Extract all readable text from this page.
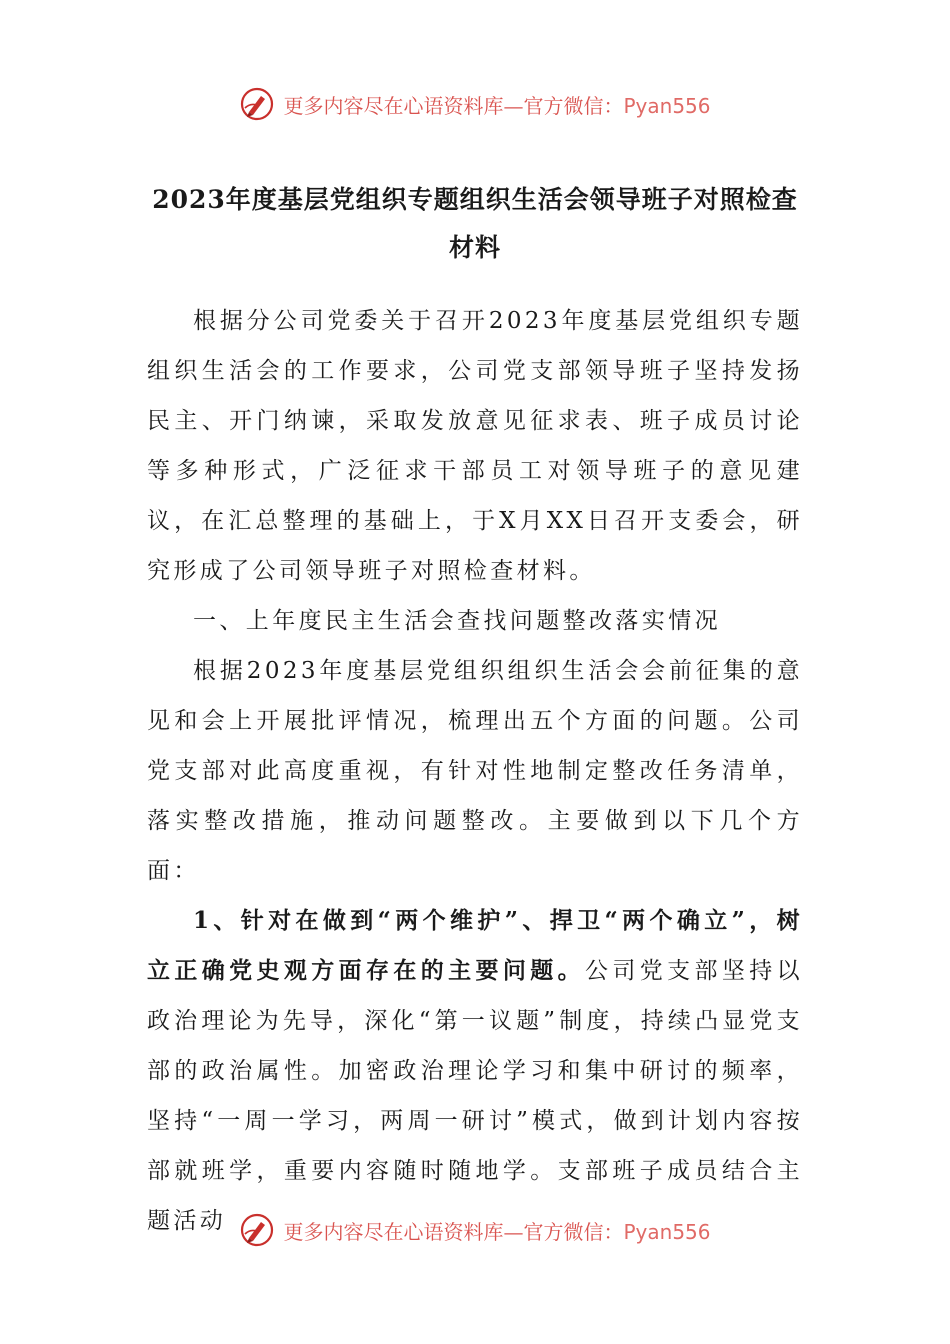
更多内容尽在心语资料库—官方微信：Pyan556
2023年度基层党组织专题组织生活会领导班子对照检查材料

根据分公司党委关于召开2023年度基层党组织专题组织生活会的工作要求，公司党支部领导班子坚持发扬民主、开门纳谏，采取发放意见征求表、班子成员讨论等多种形式，广泛征求干部员工对领导班子的意见建议，在汇总整理的基础上，于X月XX日召开支委会，研究形成了公司领导班子对照检查材料。

一、上年度民主生活会查找问题整改落实情况

根据2023年度基层党组织组织生活会会前征集的意见和会上开展批评情况，梳理出五个方面的问题。公司党支部对此高度重视，有针对性地制定整改任务清单，落实整改措施，推动问题整改。主要做到以下几个方面：

1、针对在做到“两个维护”、捍卫“两个确立”，树立正确党史观方面存在的主要问题。公司党支部坚持以政治理论为先导，深化“第一议题”制度，持续凸显党支部的政治属性。加密政治理论学习和集中研讨的频率，坚持“一周一学习，两周一研讨”模式，做到计划内容按部就班学，重要内容随时随地学。支部班子成员结合主题活动	更多内容尽在心语资料库—官方微信：Pyan556
